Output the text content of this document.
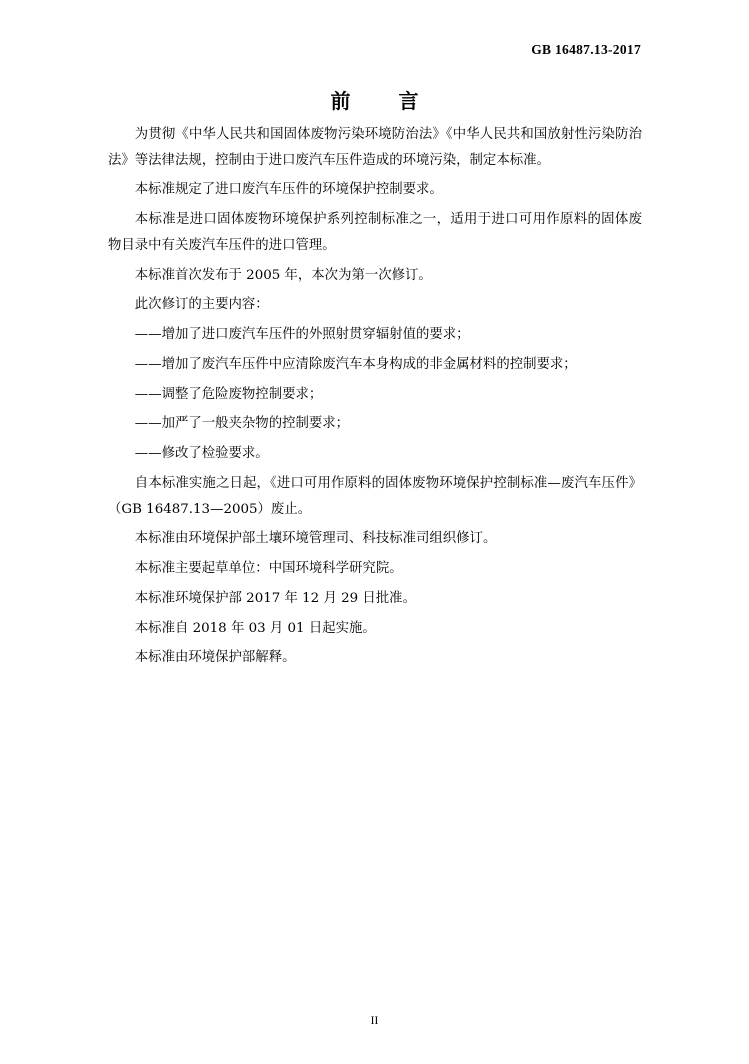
GB 16487.13-2017
前　言

为贯彻《中华人民共和国固体废物污染环境防治法》《中华人民共和国放射性污染防治法》等法律法规，控制由于进口废汽车压件造成的环境污染，制定本标准。

本标准规定了进口废汽车压件的环境保护控制要求。

本标准是进口固体废物环境保护系列控制标准之一，适用于进口可用作原料的固体废物目录中有关废汽车压件的进口管理。

本标准首次发布于 2005 年，本次为第一次修订。

此次修订的主要内容：

——增加了进口废汽车压件的外照射贯穿辐射值的要求；

——增加了废汽车压件中应清除废汽车本身构成的非金属材料的控制要求；

——调整了危险废物控制要求；

——加严了一般夹杂物的控制要求；

——修改了检验要求。

自本标准实施之日起，《进口可用作原料的固体废物环境保护控制标准—废汽车压件》（GB 16487.13—2005）废止。

本标准由环境保护部土壤环境管理司、科技标准司组织修订。

本标准主要起草单位：中国环境科学研究院。

本标准环境保护部 2017 年 12 月 29 日批准。

本标准自 2018 年 03 月 01 日起实施。

本标准由环境保护部解释。

II
